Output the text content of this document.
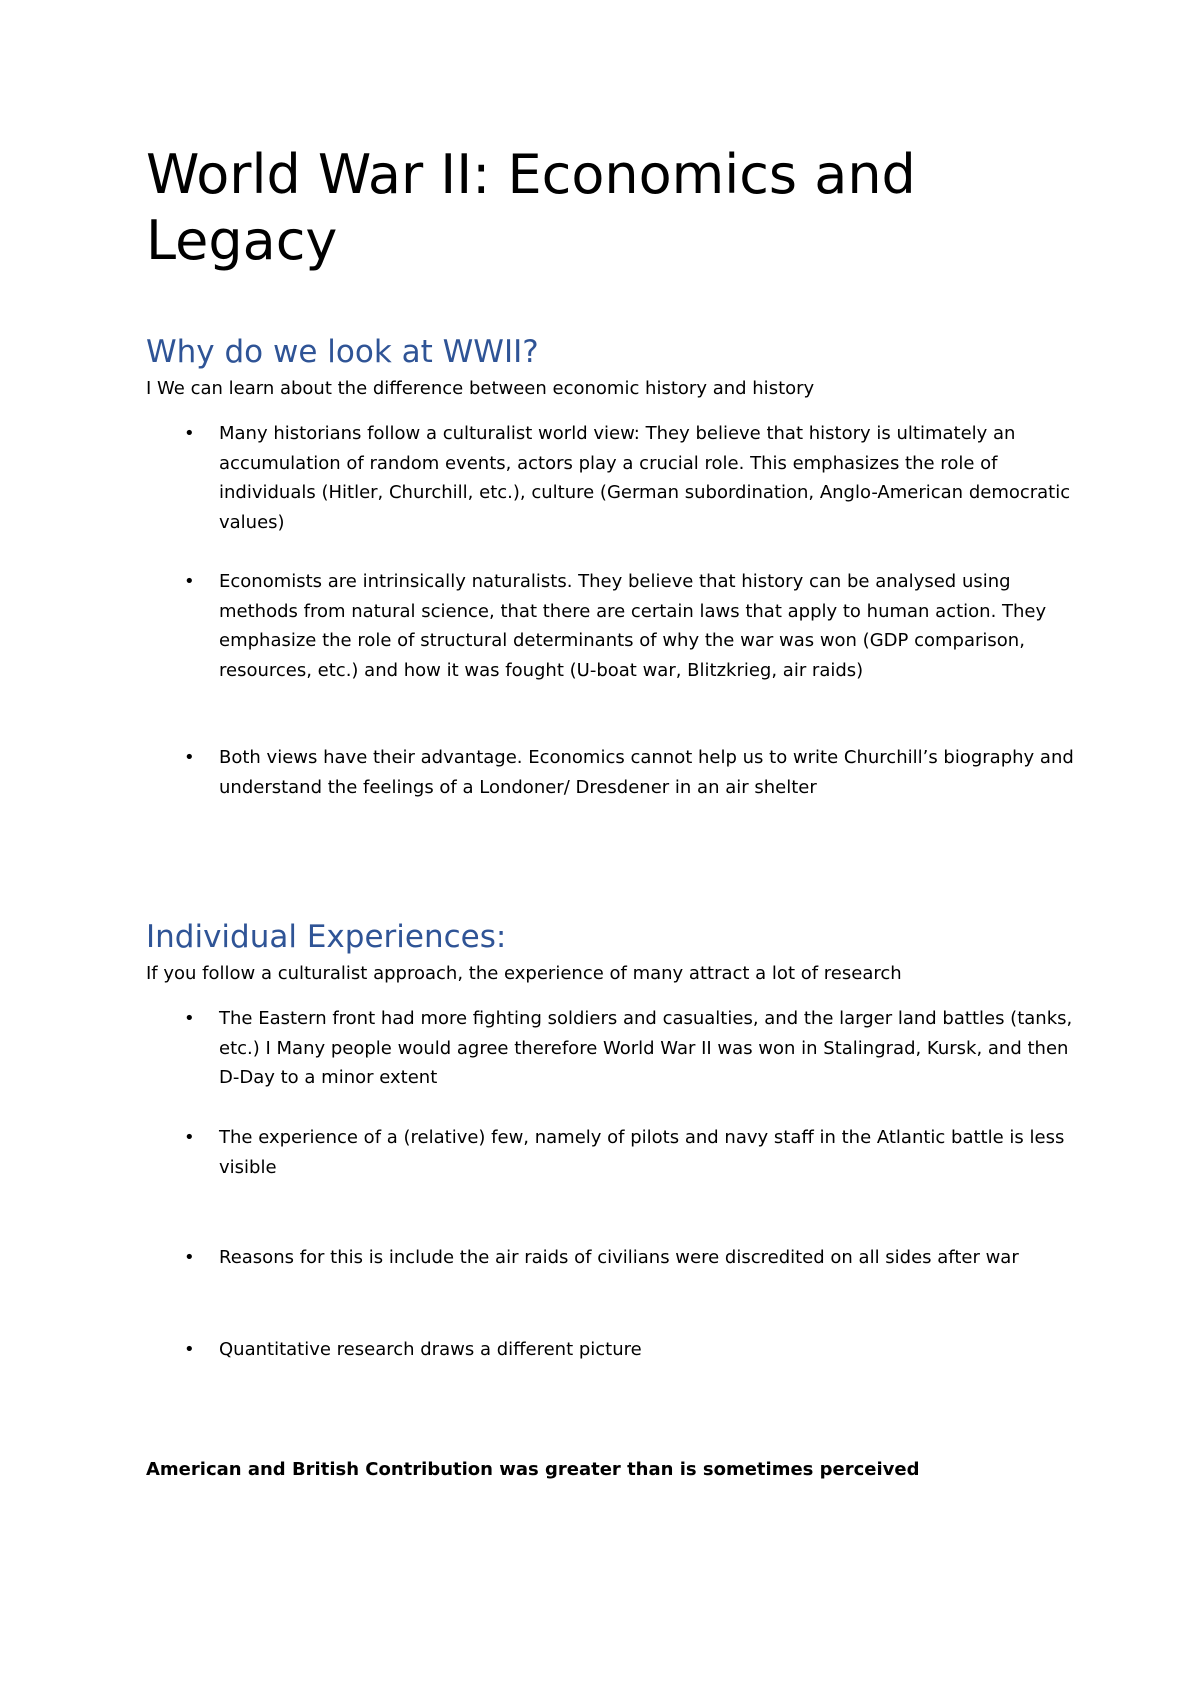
World War II: Economics and Legacy
Why do we look at WWII?

I We can learn about the difference between economic history and history

•	Many historians follow a culturalist world view: They believe that history is ultimately an accumulation of random events, actors play a crucial role. This emphasizes the role of individuals (Hitler, Churchill, etc.), culture (German subordination, Anglo-American democratic values)
•	Economists are intrinsically naturalists. They believe that history can be analysed using methods from natural science, that there are certain laws that apply to human action. They emphasize the role of structural determinants of why the war was won (GDP comparison, resources, etc.) and how it was fought (U-boat war, Blitzkrieg, air raids)
•	Both views have their advantage. Economics cannot help us to write Churchill’s biography and understand the feelings of a Londoner/ Dresdener in an air shelter
Individual Experiences:

If you follow a culturalist approach, the experience of many attract a lot of research

•	The Eastern front had more fighting soldiers and casualties, and the larger land battles (tanks, etc.) I Many people would agree therefore World War II was won in Stalingrad, Kursk, and then D-Day to a minor extent
•	The experience of a (relative) few, namely of pilots and navy staff in the Atlantic battle is less visible
•	Reasons for this is include the air raids of civilians were discredited on all sides after war
•	Quantitative research draws a different picture

American and British Contribution was greater than is sometimes perceived
